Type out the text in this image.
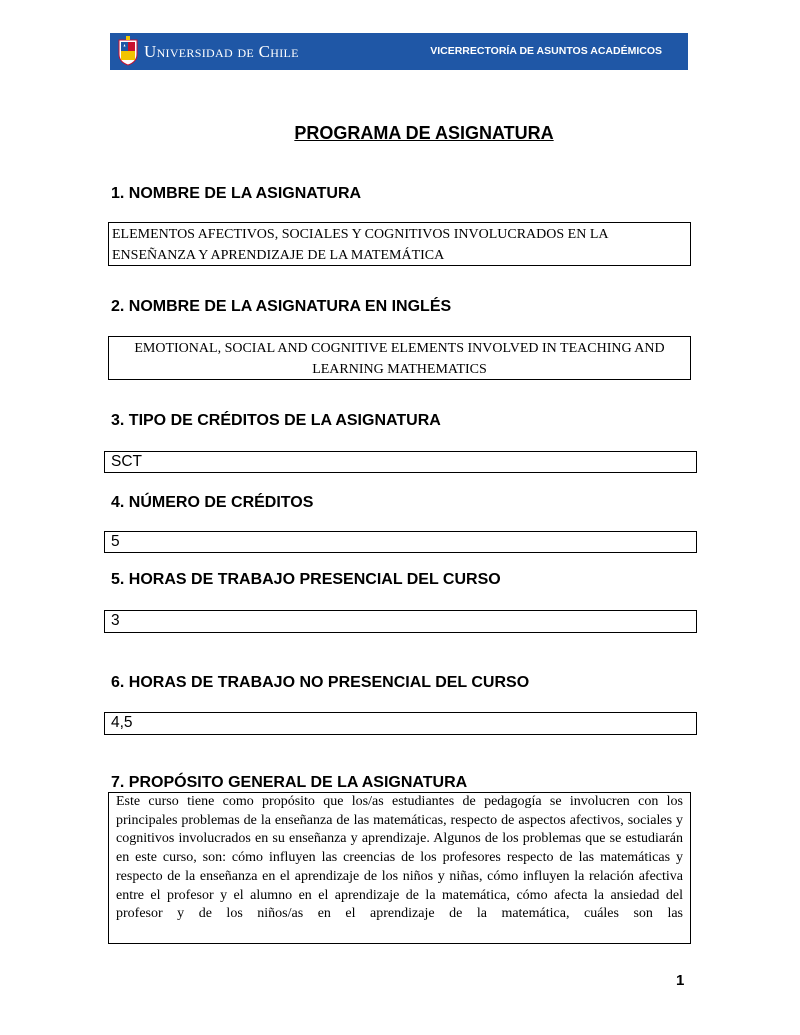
Universidad de Chile	VICERRECTORÍA DE ASUNTOS ACADÉMICOS
PROGRAMA DE ASIGNATURA
1. NOMBRE DE LA ASIGNATURA
ELEMENTOS AFECTIVOS, SOCIALES Y COGNITIVOS INVOLUCRADOS EN LA ENSEÑANZA Y APRENDIZAJE DE LA MATEMÁTICA
2. NOMBRE DE LA ASIGNATURA EN INGLÉS
EMOTIONAL, SOCIAL AND COGNITIVE ELEMENTS INVOLVED IN TEACHING AND LEARNING MATHEMATICS
3. TIPO DE CRÉDITOS DE LA ASIGNATURA
SCT
4. NÚMERO DE CRÉDITOS
5
5. HORAS DE TRABAJO PRESENCIAL DEL CURSO
3
6. HORAS DE TRABAJO NO PRESENCIAL DEL CURSO
4,5
7. PROPÓSITO GENERAL DE LA ASIGNATURA
Este curso tiene como propósito que los/as estudiantes de pedagogía se involucren con los principales problemas de la enseñanza de las matemáticas, respecto de aspectos afectivos, sociales y cognitivos involucrados en su enseñanza y aprendizaje. Algunos de los problemas que se estudiarán en este curso, son: cómo influyen las creencias de los profesores respecto de las matemáticas y respecto de la enseñanza en el aprendizaje de los niños y niñas, cómo influyen la relación afectiva entre el profesor y el alumno en el aprendizaje de la matemática, cómo afecta la ansiedad del profesor y de los niños/as en el aprendizaje de la matemática, cuáles son las
1
